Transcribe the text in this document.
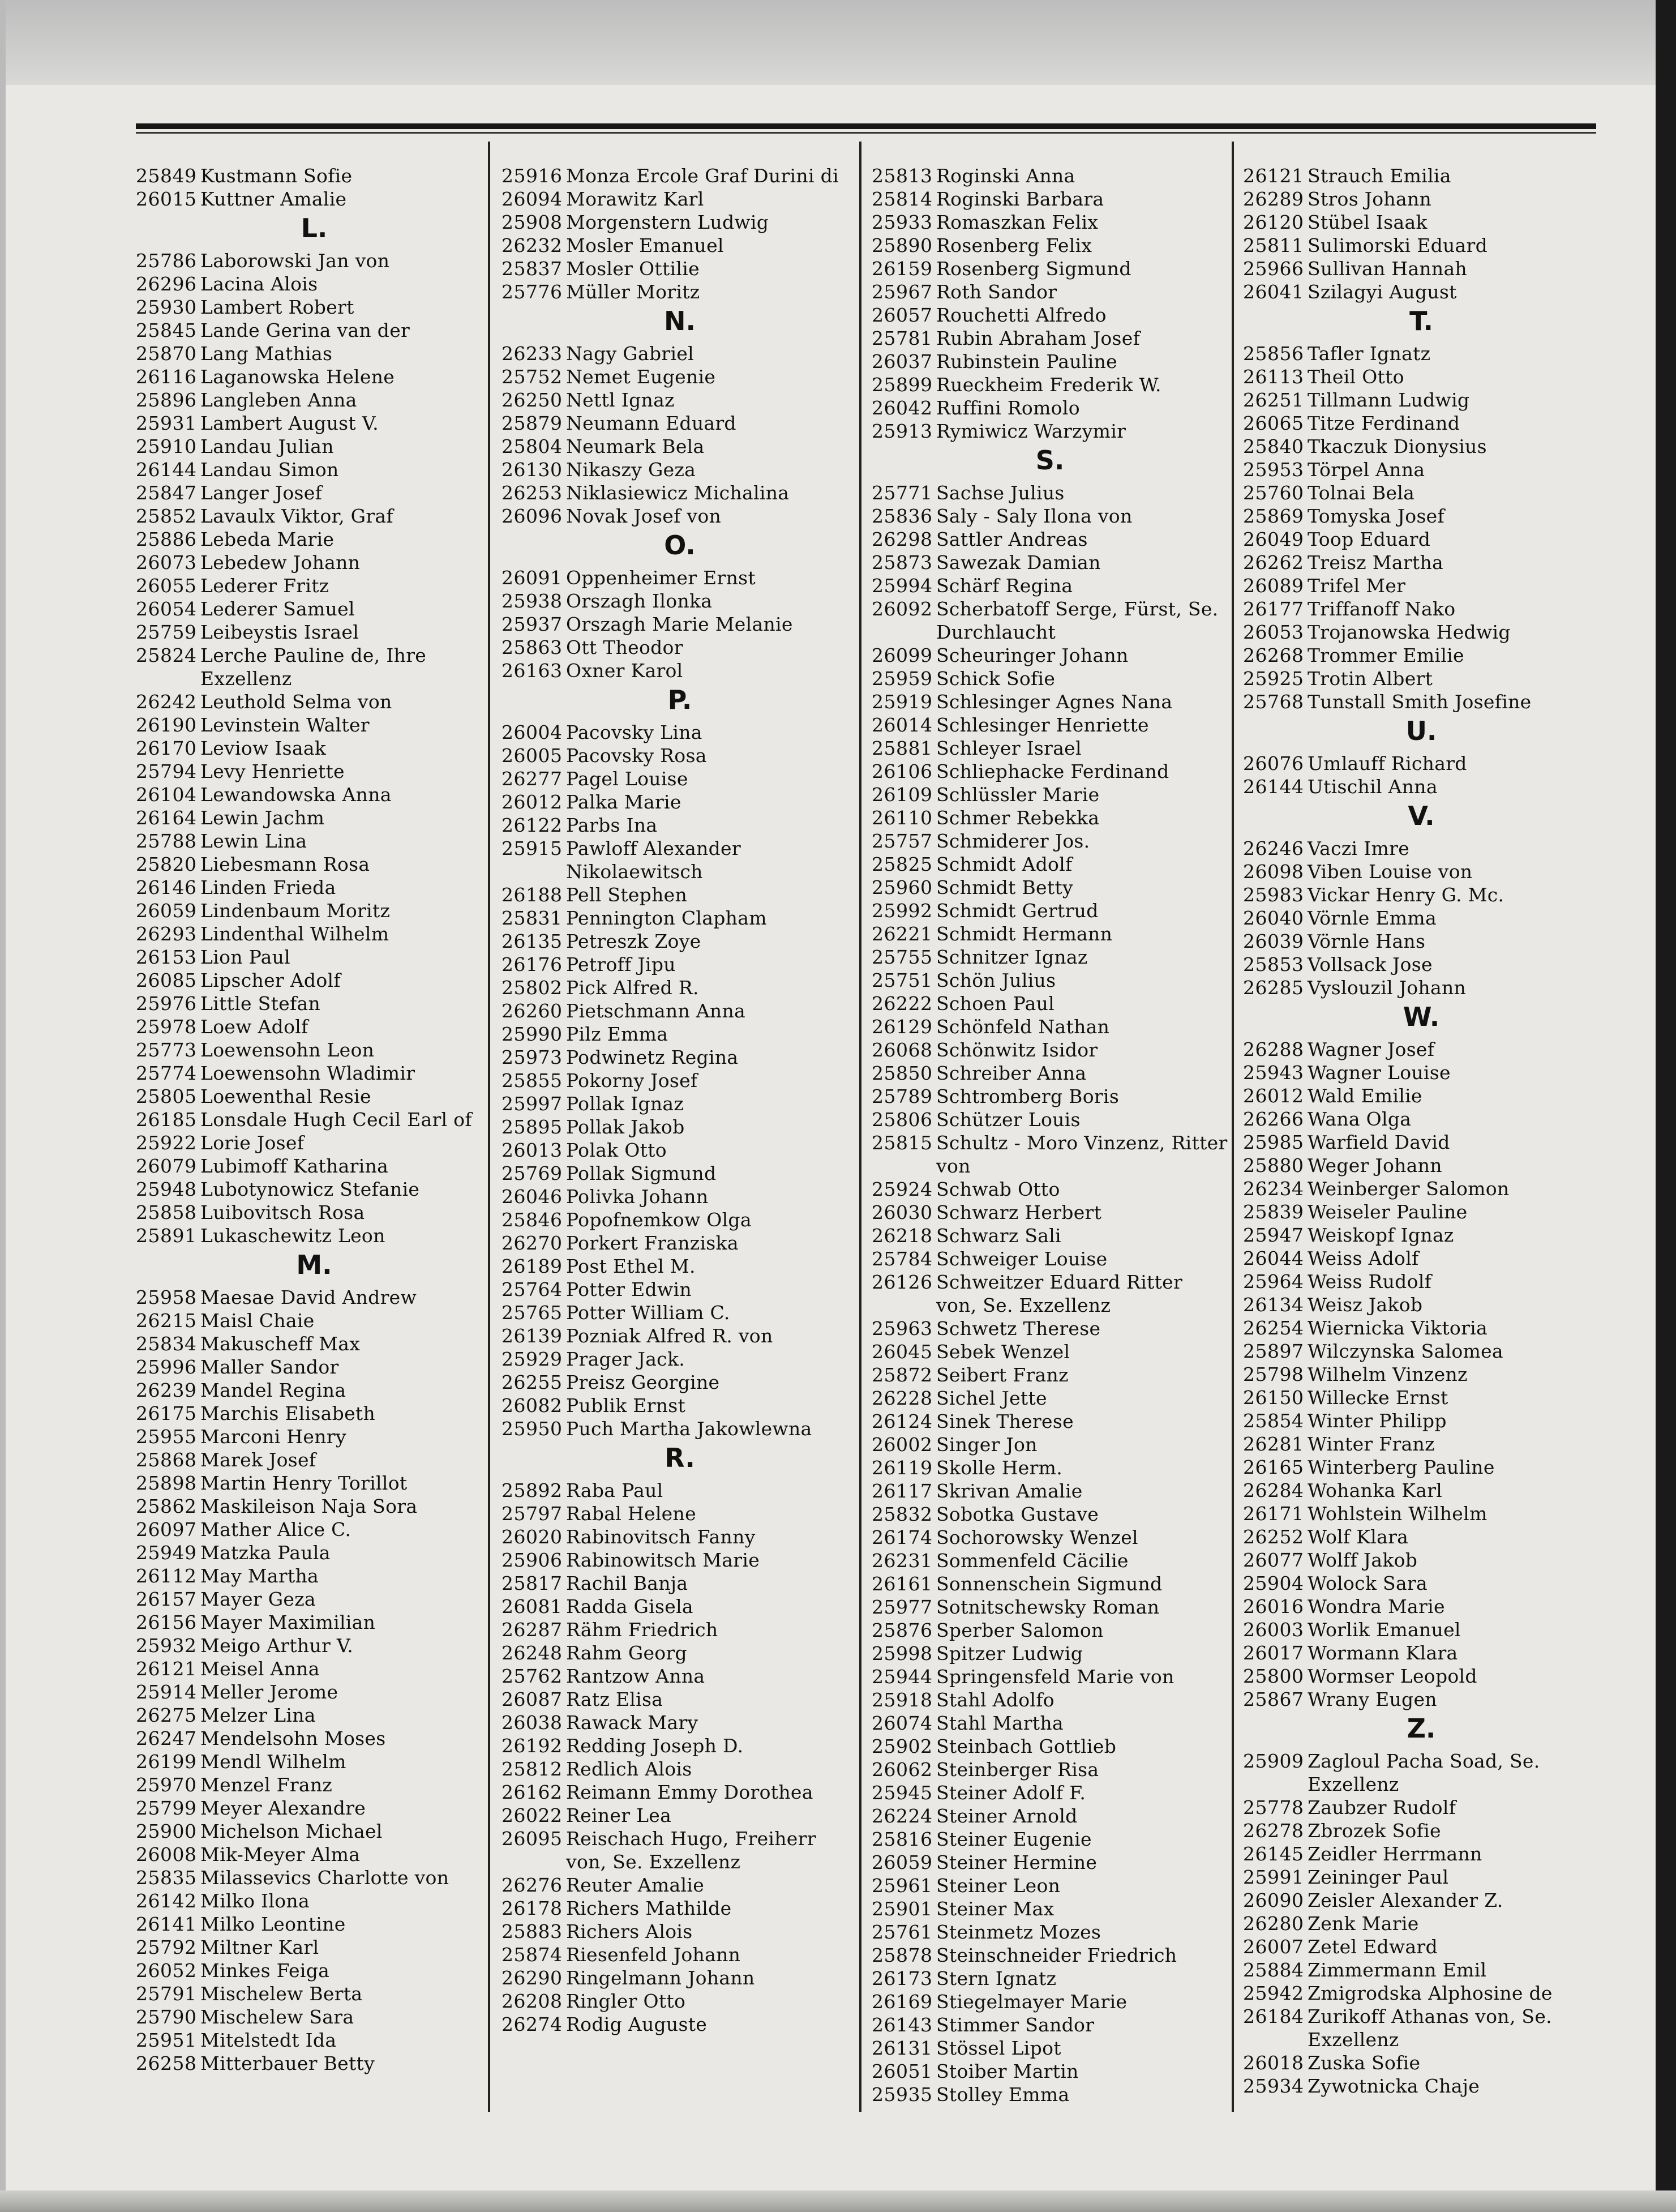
25849 Kustmann Sofie
26015 Kuttner Amalie
L.
25786 Laborowski Jan von
26296 Lacina Alois
25930 Lambert Robert
25845 Lande Gerina van der
25870 Lang Mathias
26116 Laganowska Helene
25896 Langleben Anna
25931 Lambert August V.
25910 Landau Julian
26144 Landau Simon
25847 Langer Josef
25852 Lavaulx Viktor, Graf
25886 Lebeda Marie
26073 Lebedew Johann
26055 Lederer Fritz
26054 Lederer Samuel
25759 Leibeystis Israel
25824 Lerche Pauline de, Ihre Exzellenz
26242 Leuthold Selma von
26190 Levinstein Walter
26170 Leviow Isaak
25794 Levy Henriette
26104 Lewandowska Anna
26164 Lewin Jachm
25788 Lewin Lina
25820 Liebesmann Rosa
26146 Linden Frieda
26059 Lindenbaum Moritz
26293 Lindenthal Wilhelm
26153 Lion Paul
26085 Lipscher Adolf
25976 Little Stefan
25978 Loew Adolf
25773 Loewensohn Leon
25774 Loewensohn Wladimir
25805 Loewenthal Resie
26185 Lonsdale Hugh Cecil Earl of
25922 Lorie Josef
26079 Lubimoff Katharina
25948 Lubotynowicz Stefanie
25858 Luibovitsch Rosa
25891 Lukaschewitz Leon
M.
25958 Maesae David Andrew
26215 Maisl Chaie
25834 Makuscheff Max
25996 Maller Sandor
26239 Mandel Regina
26175 Marchis Elisabeth
25955 Marconi Henry
25868 Marek Josef
25898 Martin Henry Torillot
25862 Maskileison Naja Sora
26097 Mather Alice C.
25949 Matzka Paula
26112 May Martha
26157 Mayer Geza
26156 Mayer Maximilian
25932 Meigo Arthur V.
26121 Meisel Anna
25914 Meller Jerome
26275 Melzer Lina
26247 Mendelsohn Moses
26199 Mendl Wilhelm
25970 Menzel Franz
25799 Meyer Alexandre
25900 Michelson Michael
26008 Mik-Meyer Alma
25835 Milassevics Charlotte von
26142 Milko Ilona
26141 Milko Leontine
25792 Miltner Karl
26052 Minkes Feiga
25791 Mischelew Berta
25790 Mischelew Sara
25951 Mitelstedt Ida
26258 Mitterbauer Betty
25916 Monza Ercole Graf Durini di
26094 Morawitz Karl
25908 Morgenstern Ludwig
26232 Mosler Emanuel
25837 Mosler Ottilie
25776 Müller Moritz
N.
26233 Nagy Gabriel
25752 Nemet Eugenie
26250 Nettl Ignaz
25879 Neumann Eduard
25804 Neumark Bela
26130 Nikaszy Geza
26253 Niklasiewicz Michalina
26096 Novak Josef von
O.
26091 Oppenheimer Ernst
25938 Orszagh Ilonka
25937 Orszagh Marie Melanie
25863 Ott Theodor
26163 Oxner Karol
P.
26004 Pacovsky Lina
26005 Pacovsky Rosa
26277 Pagel Louise
26012 Palka Marie
26122 Parbs Ina
25915 Pawloff Alexander Nikolaewitsch
26188 Pell Stephen
25831 Pennington Clapham
26135 Petreszk Zoye
26176 Petroff Jipu
25802 Pick Alfred R.
26260 Pietschmann Anna
25990 Pilz Emma
25973 Podwinetz Regina
25855 Pokorny Josef
25997 Pollak Ignaz
25895 Pollak Jakob
26013 Polak Otto
25769 Pollak Sigmund
26046 Polivka Johann
25846 Popofnemkow Olga
26270 Porkert Franziska
26189 Post Ethel M.
25764 Potter Edwin
25765 Potter William C.
26139 Pozniak Alfred R. von
25929 Prager Jack.
26255 Preisz Georgine
26082 Publik Ernst
25950 Puch Martha Jakowlewna
R.
25892 Raba Paul
25797 Rabal Helene
26020 Rabinovitsch Fanny
25906 Rabinowitsch Marie
25817 Rachil Banja
26081 Radda Gisela
26287 Rähm Friedrich
26248 Rahm Georg
25762 Rantzow Anna
26087 Ratz Elisa
26038 Rawack Mary
26192 Redding Joseph D.
25812 Redlich Alois
26162 Reimann Emmy Dorothea
26022 Reiner Lea
26095 Reischach Hugo, Freiherr von, Se. Exzellenz
26276 Reuter Amalie
26178 Richers Mathilde
25883 Richers Alois
25874 Riesenfeld Johann
26290 Ringelmann Johann
26208 Ringler Otto
26274 Rodig Auguste
25813 Roginski Anna
25814 Roginski Barbara
25933 Romaszkan Felix
25890 Rosenberg Felix
26159 Rosenberg Sigmund
25967 Roth Sandor
26057 Rouchetti Alfredo
25781 Rubin Abraham Josef
26037 Rubinstein Pauline
25899 Rueckheim Frederik W.
26042 Ruffini Romolo
25913 Rymiwicz Warzymir
S.
25771 Sachse Julius
25836 Saly - Saly Ilona von
26298 Sattler Andreas
25873 Sawezak Damian
25994 Schärf Regina
26092 Scherbatoff Serge, Fürst, Se. Durchlaucht
26099 Scheuringer Johann
25959 Schick Sofie
25919 Schlesinger Agnes Nana
26014 Schlesinger Henriette
25881 Schleyer Israel
26106 Schliephacke Ferdinand
26109 Schlüssler Marie
26110 Schmer Rebekka
25757 Schmiderer Jos.
25825 Schmidt Adolf
25960 Schmidt Betty
25992 Schmidt Gertrud
26221 Schmidt Hermann
25755 Schnitzer Ignaz
25751 Schön Julius
26222 Schoen Paul
26129 Schönfeld Nathan
26068 Schönwitz Isidor
25850 Schreiber Anna
25789 Schtromberg Boris
25806 Schützer Louis
25815 Schultz - Moro Vinzenz, Ritter von
25924 Schwab Otto
26030 Schwarz Herbert
26218 Schwarz Sali
25784 Schweiger Louise
26126 Schweitzer Eduard Ritter von, Se. Exzellenz
25963 Schwetz Therese
26045 Sebek Wenzel
25872 Seibert Franz
26228 Sichel Jette
26124 Sinek Therese
26002 Singer Jon
26119 Skolle Herm.
26117 Skrivan Amalie
25832 Sobotka Gustave
26174 Sochorowsky Wenzel
26231 Sommenfeld Cäcilie
26161 Sonnenschein Sigmund
25977 Sotnitschewsky Roman
25876 Sperber Salomon
25998 Spitzer Ludwig
25944 Springensfeld Marie von
25918 Stahl Adolfo
26074 Stahl Martha
25902 Steinbach Gottlieb
26062 Steinberger Risa
25945 Steiner Adolf F.
26224 Steiner Arnold
25816 Steiner Eugenie
26059 Steiner Hermine
25961 Steiner Leon
25901 Steiner Max
25761 Steinmetz Mozes
25878 Steinschneider Friedrich
26173 Stern Ignatz
26169 Stiegelmayer Marie
26143 Stimmer Sandor
26131 Stössel Lipot
26051 Stoiber Martin
25935 Stolley Emma
26121 Strauch Emilia
26289 Stros Johann
26120 Stübel Isaak
25811 Sulimorski Eduard
25966 Sullivan Hannah
26041 Szilagyi August
T.
25856 Tafler Ignatz
26113 Theil Otto
26251 Tillmann Ludwig
26065 Titze Ferdinand
25840 Tkaczuk Dionysius
25953 Törpel Anna
25760 Tolnai Bela
25869 Tomyska Josef
26049 Toop Eduard
26262 Treisz Martha
26089 Trifel Mer
26177 Triffanoff Nako
26053 Trojanowska Hedwig
26268 Trommer Emilie
25925 Trotin Albert
25768 Tunstall Smith Josefine
U.
26076 Umlauff Richard
26144 Utischil Anna
V.
26246 Vaczi Imre
26098 Viben Louise von
25983 Vickar Henry G. Mc.
26040 Vörnle Emma
26039 Vörnle Hans
25853 Vollsack Jose
26285 Vyslouzil Johann
W.
26288 Wagner Josef
25943 Wagner Louise
26012 Wald Emilie
26266 Wana Olga
25985 Warfield David
25880 Weger Johann
26234 Weinberger Salomon
25839 Weiseler Pauline
25947 Weiskopf Ignaz
26044 Weiss Adolf
25964 Weiss Rudolf
26134 Weisz Jakob
26254 Wiernicka Viktoria
25897 Wilczynska Salomea
25798 Wilhelm Vinzenz
26150 Willecke Ernst
25854 Winter Philipp
26281 Winter Franz
26165 Winterberg Pauline
26284 Wohanka Karl
26171 Wohlstein Wilhelm
26252 Wolf Klara
26077 Wolff Jakob
25904 Wolock Sara
26016 Wondra Marie
26003 Worlik Emanuel
26017 Wormann Klara
25800 Wormser Leopold
25867 Wrany Eugen
Z.
25909 Zagloul Pacha Soad, Se. Exzellenz
25778 Zaubzer Rudolf
26278 Zbrozek Sofie
26145 Zeidler Herrmann
25991 Zeininger Paul
26090 Zeisler Alexander Z.
26280 Zenk Marie
26007 Zetel Edward
25884 Zimmermann Emil
25942 Zmigrodska Alphosine de
26184 Zurikoff Athanas von, Se. Exzellenz
26018 Zuska Sofie
25934 Zywotnicka Chaje
